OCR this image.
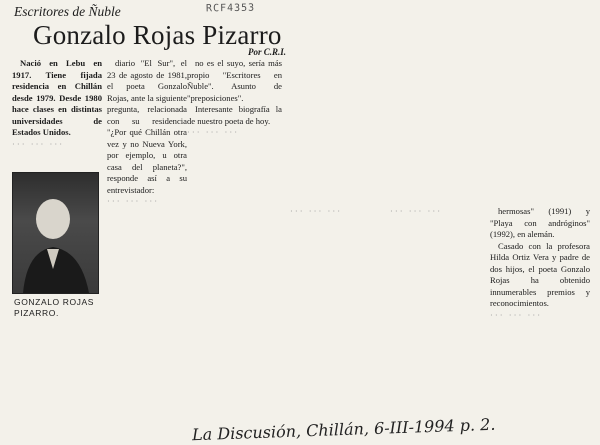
Escritores de Ñuble	RCF4353
Gonzalo Rojas Pizarro
Por C.R.I.

Nació en Lebu en 1917. Tiene fijada residencia en Chillán desde 1979. Desde 1980 hace clases en distintas universidades de Estados Unidos.

··· ··· ···

diario "El Sur", el 23 de agosto de 1981, el poeta Gonzalo Rojas, ante la siguiente pregunta, relacionada con su residencia "¿Por qué Chillán otra vez y no Nueva York, por ejemplo, u otra casa del planeta?", responde así a su entrevistador:

··· ··· ···

no es el suyo, sería más propio "Escritores en Ñuble". Asunto de "preposiciones".

Interesante biografía la de nuestro poeta de hoy.

··· ··· ···
GONZALO ROJAS
PIZARRO.
··· ··· ···	··· ··· ···	hermosas" (1991) y "Playa con andróginos" (1992), en alemán.

Casado con la profesora Hilda Ortiz Vera y padre de dos hijos, el poeta Gonzalo Rojas ha obtenido innumerables premios y reconocimientos.

··· ··· ···
La Discusión, Chillán, 6-III-1994 p. 2.
